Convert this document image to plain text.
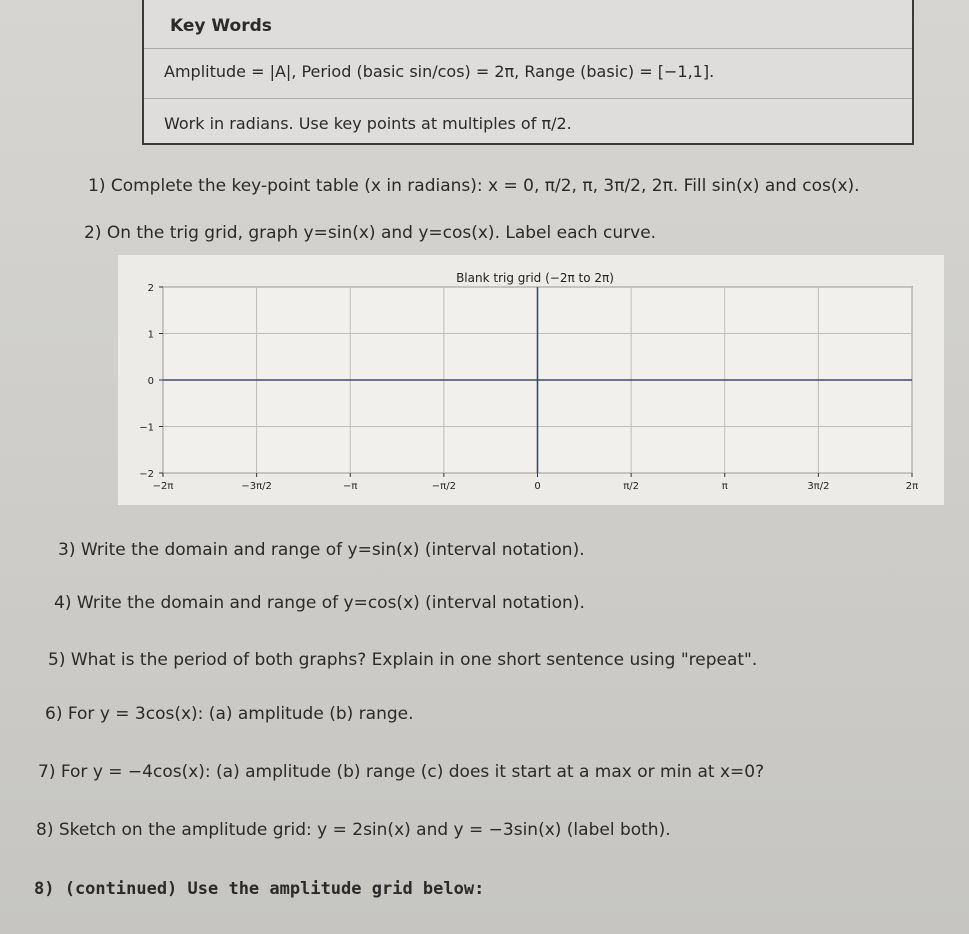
Key Words
Amplitude = |A|, Period (basic sin/cos) = 2π, Range (basic) = [−1,1].
Work in radians. Use key points at multiples of π/2.
1) Complete the key-point table (x in radians): x = 0, π/2, π, 3π/2, 2π. Fill sin(x) and cos(x).
2) On the trig grid, graph y=sin(x) and y=cos(x). Label each curve.
Blank trig grid (−2π to 2π)
−2π	−3π/2	−π	−π/2	0	π/2	π	3π/2	2π
2
1
0
−1
−2
3) Write the domain and range of y=sin(x) (interval notation).
4) Write the domain and range of y=cos(x) (interval notation).
5) What is the period of both graphs? Explain in one short sentence using "repeat".
6) For y = 3cos(x): (a) amplitude (b) range.
7) For y = −4cos(x): (a) amplitude (b) range (c) does it start at a max or min at x=0?
8) Sketch on the amplitude grid: y = 2sin(x) and y = −3sin(x) (label both).
8) (continued) Use the amplitude grid below:
